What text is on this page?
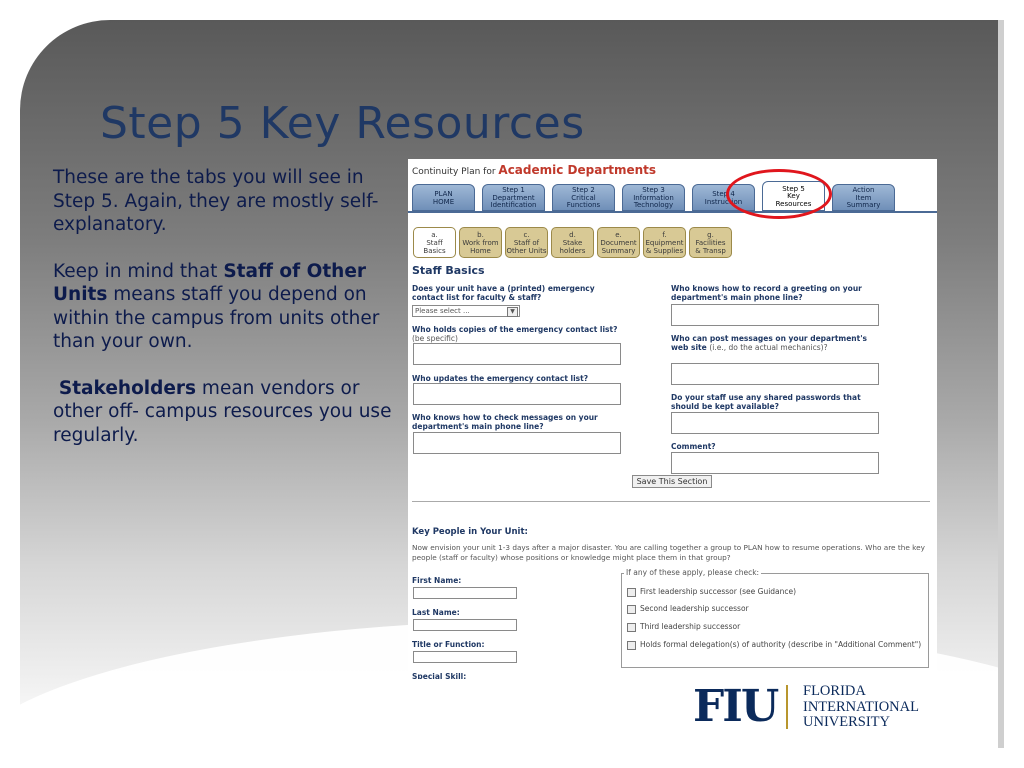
Step 5 Key Resources

These are the tabs you will see in Step 5. Again, they are mostly self-explanatory.

Keep in mind that Staff of Other Units means staff you depend on within the campus from units other than your own.

Stakeholders mean vendors or other off- campus resources you use regularly.

Continuity Plan for Academic Departments
PLAN
HOME
Step 1
Department
Identification
Step 2
Critical
Functions
Step 3
Information
Technology
Step 4
Instruction
Step 5
Key
Resources
Action
Item
Summary
a.
Staff
Basics
b.
Work from
Home
c.
Staff of
Other Units
d.
Stake
holders
e.
Document
Summary
f.
Equipment
& Supplies
g.
Facilities
& Transp
Staff Basics
Does your unit have a (printed) emergency contact list for faculty & staff?
Please select ...	▼
Who holds copies of the emergency contact list? (be specific)
Who updates the emergency contact list?
Who knows how to check messages on your department's main phone line?
Who knows how to record a greeting on your department's main phone line?
Who can post messages on your department's web site (i.e., do the actual mechanics)?
Do your staff use any shared passwords that should be kept available?
Comment?
Save This Section
Key People in Your Unit:
Now envision your unit 1-3 days after a major disaster. You are calling together a group to PLAN how to resume operations. Who are the key people (staff or faculty) whose positions or knowledge might place them in that group?
First Name:
Last Name:
Title or Function:
Special Skill:
If any of these apply, please check:
First leadership successor (see Guidance)
Second leadership successor
Third leadership successor
Holds formal delegation(s) of authority (describe in "Additional Comment")
FIU FLORIDA
INTERNATIONAL
UNIVERSITY
